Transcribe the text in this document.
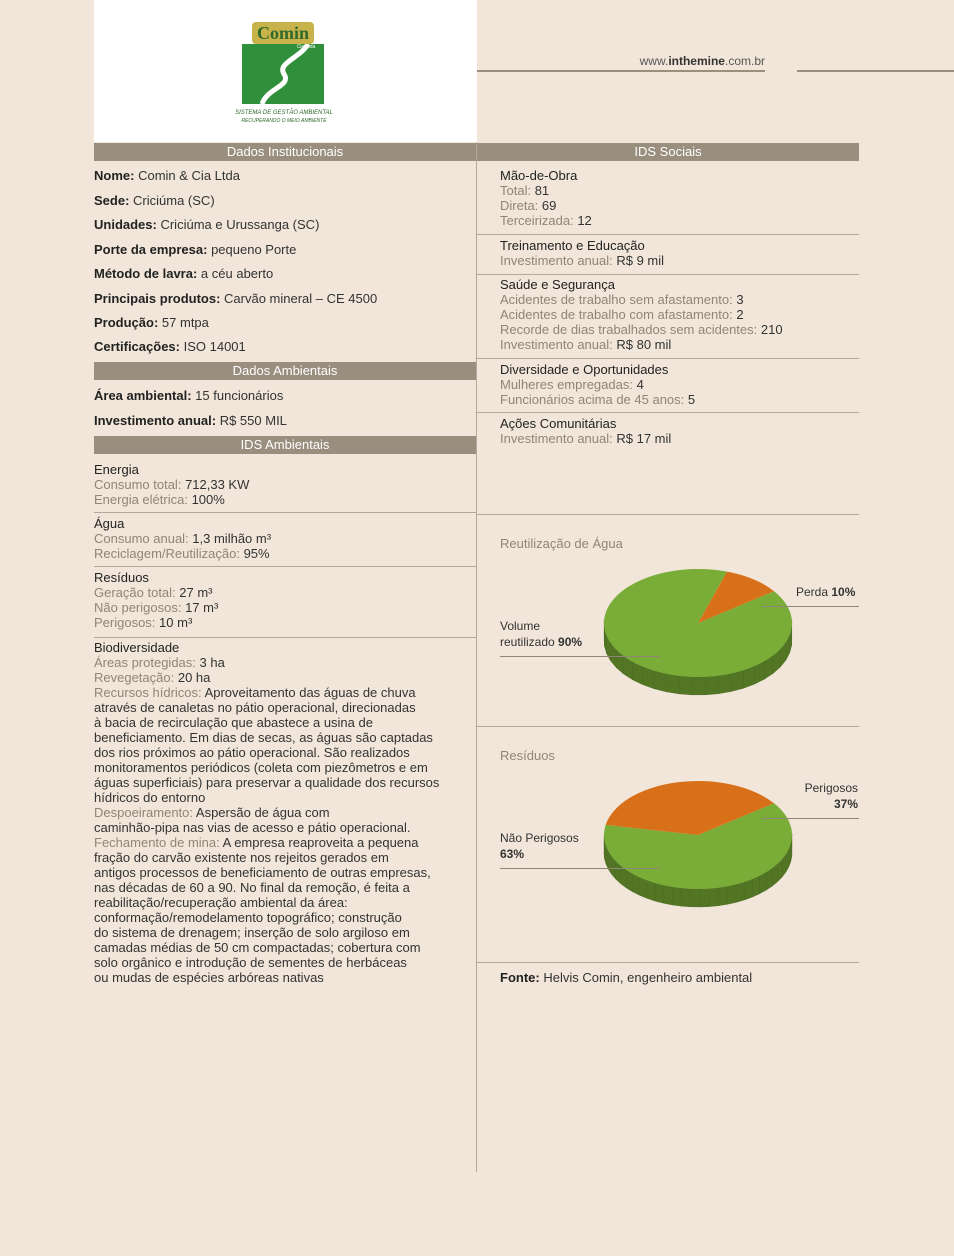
Comin
Cia Ltda
SISTEMA DE GESTÃO AMBIENTAL
RECUPERANDO O MEIO AMBIENTE
www.inthemine.com.br
Dados Institucionais	IDS Sociais
Dados Ambientais
IDS Ambientais
Nome: Comin & Cia Ltda
Sede: Criciúma (SC)
Unidades: Criciúma e Urussanga (SC)
Porte da empresa: pequeno Porte
Método de lavra: a céu aberto
Principais produtos: Carvão mineral – CE 4500
Produção: 57 mtpa
Certificações: ISO 14001
Área ambiental: 15 funcionários
Investimento anual: R$ 550 MIL
Energia
Consumo total: 712,33 KW
Energia elétrica: 100%
Água
Consumo anual: 1,3 milhão m³
Reciclagem/Reutilização: 95%
Resíduos
Geração total: 27 m³
Não perigosos: 17 m³
Perigosos: 10 m³
Biodiversidade
Áreas protegidas: 3 ha
Revegetação: 20 ha
Recursos hídricos: Aproveitamento das águas de chuva
através de canaletas no pátio operacional, direcionadas
à bacia de recirculação que abastece a usina de
beneficiamento. Em dias de secas, as águas são captadas
dos rios próximos ao pátio operacional. São realizados
monitoramentos periódicos (coleta com piezômetros e em
águas superficiais) para preservar a qualidade dos recursos
hídricos do entorno
Despoeiramento: Aspersão de água com
caminhão-pipa nas vias de acesso e pátio operacional.
Fechamento de mina: A empresa reaproveita a pequena
fração do carvão existente nos rejeitos gerados em
antigos processos de beneficiamento de outras empresas,
nas décadas de 60 a 90. No final da remoção, é feita a
reabilitação/recuperação ambiental da área:
conformação/remodelamento topográfico; construção
do sistema de drenagem; inserção de solo argiloso em
camadas médias de 50 cm compactadas; cobertura com
solo orgânico e introdução de sementes de herbáceas
ou mudas de espécies arbóreas nativas
Mão-de-Obra
Total: 81
Direta: 69
Terceirizada: 12
Treinamento e Educação
Investimento anual: R$ 9 mil
Saúde e Segurança
Acidentes de trabalho sem afastamento: 3
Acidentes de trabalho com afastamento: 2
Recorde de dias trabalhados sem acidentes: 210
Investimento anual: R$ 80 mil
Diversidade e Oportunidades
Mulheres empregadas: 4
Funcionários acima de 45 anos: 5
Ações Comunitárias
Investimento anual: R$ 17 mil
Reutilização de Água
Perda 10%
Volume
reutilizado 90%
Resíduos
Perigosos
37%
Não Perigosos
63%
Fonte: Helvis Comin, engenheiro ambiental
